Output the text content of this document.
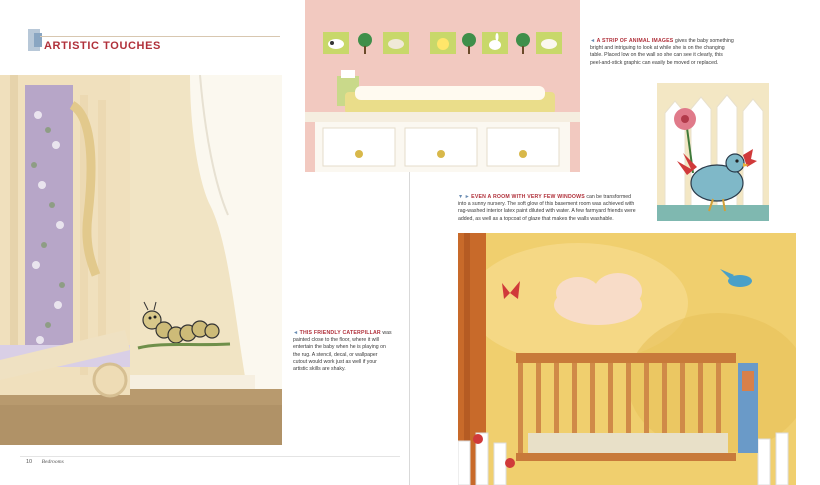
ARTISTIC TOUCHES
◄ THIS FRIENDLY CATERPILLAR was painted close to the floor, where it will entertain the baby when he is playing on the rug. A stencil, decal, or wallpaper cutout would work just as well if your artistic skills are shaky.
◄ A STRIP OF ANIMAL IMAGES gives the baby something bright and intriguing to look at while she is on the changing table. Placed low on the wall so she can see it clearly, this peel-and-stick graphic can easily be moved or replaced.
▼ ► EVEN A ROOM WITH VERY FEW WINDOWS can be transformed into a sunny nursery. The soft glow of this basement room was achieved with rag-washed interior latex paint diluted with water. A few farmyard friends were added, as well as a topcoat of glaze that makes the walls washable.
10 Bedrooms
